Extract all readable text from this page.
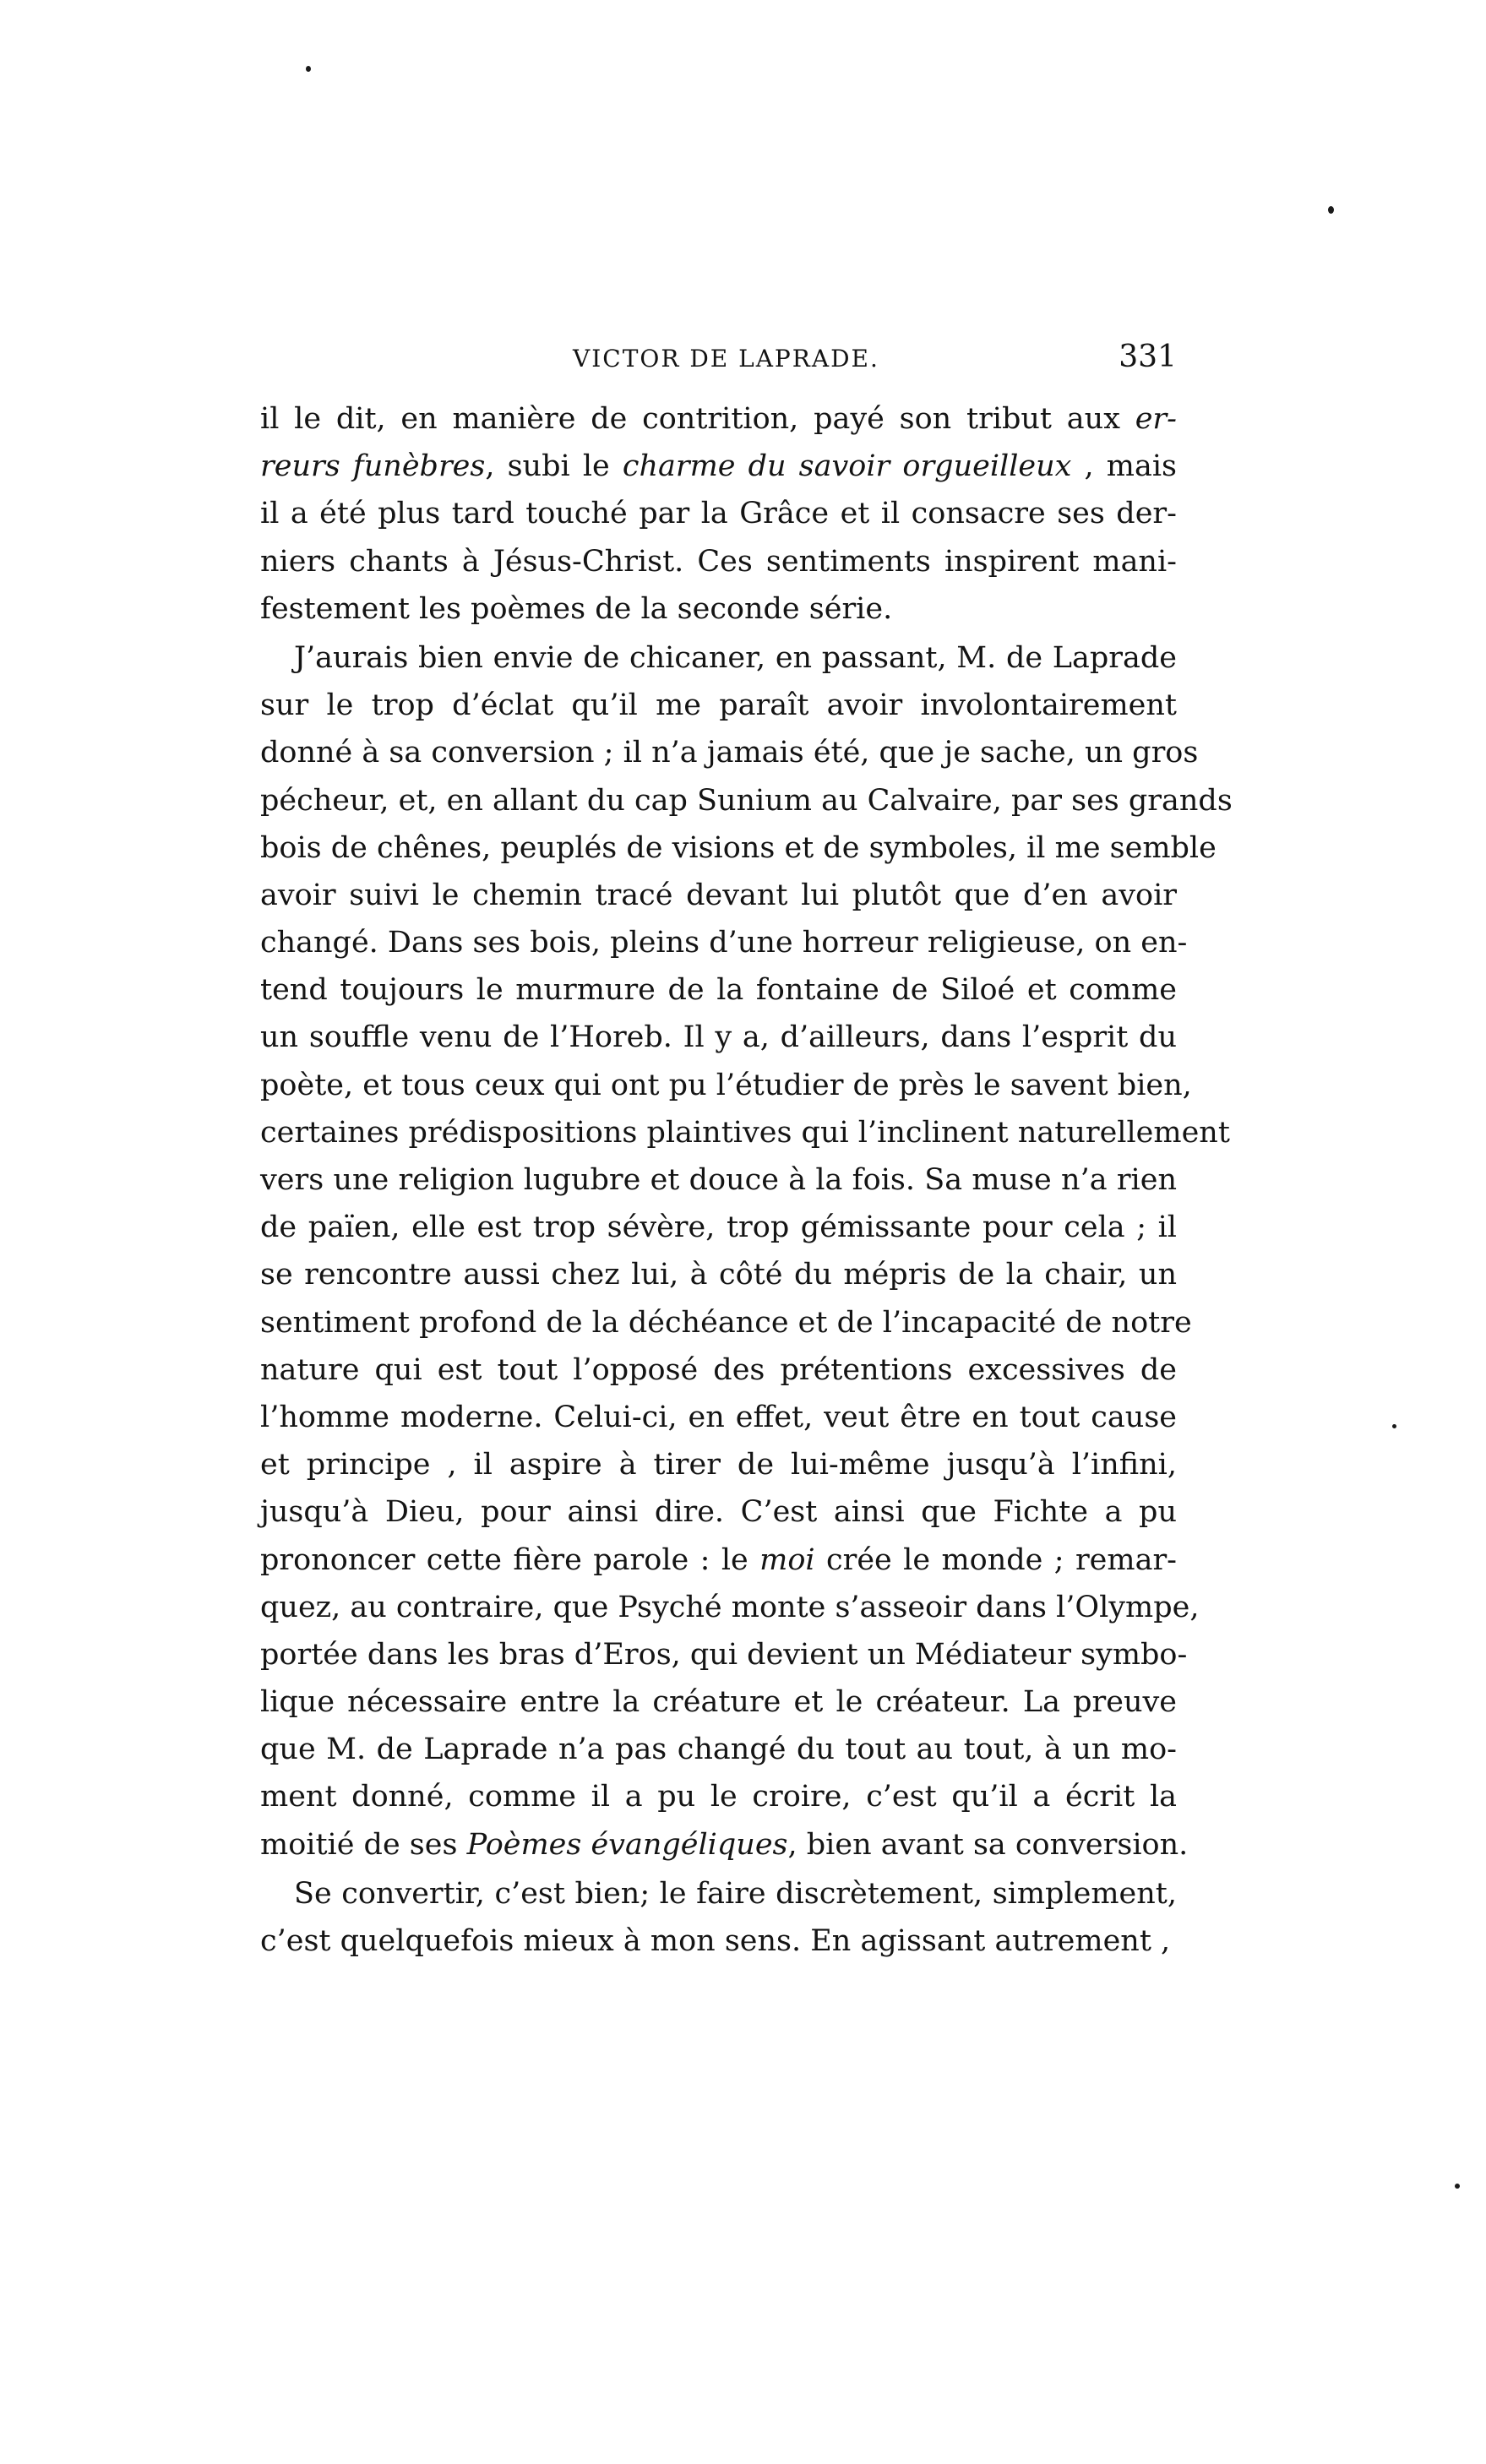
VICTOR DE LAPRADE.	331
il le dit, en manière de contrition, payé son tribut aux er-
reurs funèbres, subi le charme du savoir orgueilleux , mais
il a été plus tard touché par la Grâce et il consacre ses der-
niers chants à Jésus-Christ. Ces sentiments inspirent mani-
festement les poèmes de la seconde série.
J’aurais bien envie de chicaner, en passant, M. de Laprade
sur le trop d’éclat qu’il me paraît avoir involontairement
donné à sa conversion ; il n’a jamais été, que je sache, un gros
pécheur, et, en allant du cap Sunium au Calvaire, par ses grands
bois de chênes, peuplés de visions et de symboles, il me semble
avoir suivi le chemin tracé devant lui plutôt que d’en avoir
changé. Dans ses bois, pleins d’une horreur religieuse, on en-
tend toujours le murmure de la fontaine de Siloé et comme
un souffle venu de l’Horeb. Il y a, d’ailleurs, dans l’esprit du
poète, et tous ceux qui ont pu l’étudier de près le savent bien,
certaines prédispositions plaintives qui l’inclinent naturellement
vers une religion lugubre et douce à la fois. Sa muse n’a rien
de païen, elle est trop sévère, trop gémissante pour cela ; il
se rencontre aussi chez lui, à côté du mépris de la chair, un
sentiment profond de la déchéance et de l’incapacité de notre
nature qui est tout l’opposé des prétentions excessives de
l’homme moderne. Celui-ci, en effet, veut être en tout cause
et principe , il aspire à tirer de lui-même jusqu’à l’infini,
jusqu’à Dieu, pour ainsi dire. C’est ainsi que Fichte a pu
prononcer cette fière parole : le moi crée le monde ; remar-
quez, au contraire, que Psyché monte s’asseoir dans l’Olympe,
portée dans les bras d’Eros, qui devient un Médiateur symbo-
lique nécessaire entre la créature et le créateur. La preuve
que M. de Laprade n’a pas changé du tout au tout, à un mo-
ment donné, comme il a pu le croire, c’est qu’il a écrit la
moitié de ses Poèmes évangéliques, bien avant sa conversion.
Se convertir, c’est bien; le faire discrètement, simplement,
c’est quelquefois mieux à mon sens. En agissant autrement ,
